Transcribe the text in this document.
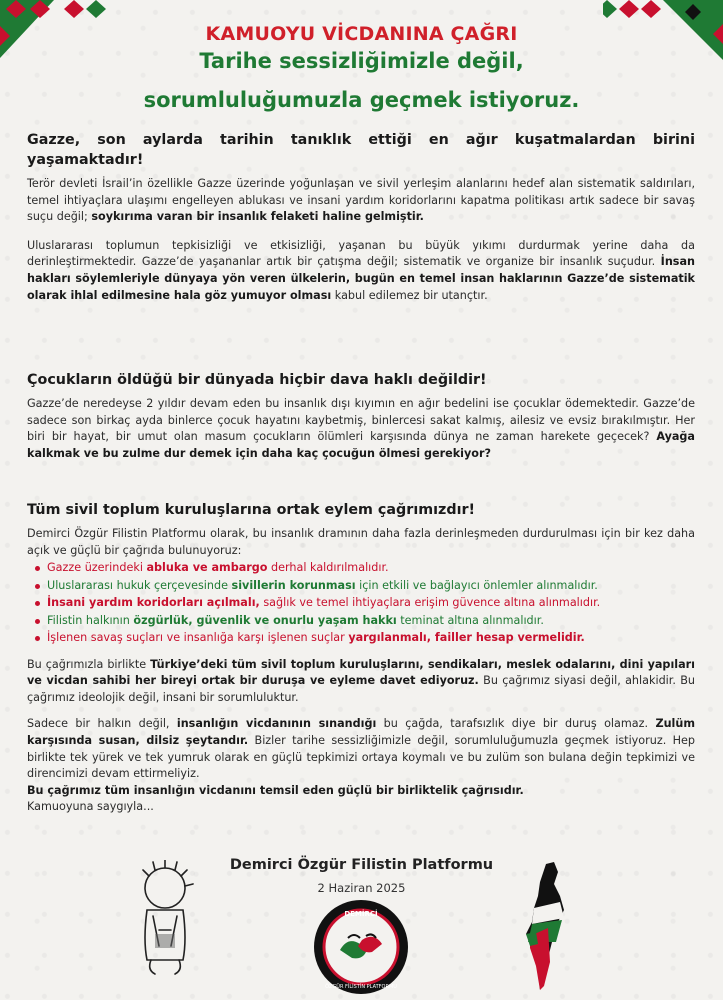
KAMUOYU VİCDANINA ÇAĞRI
Tarihe sessizliğimizle değil,
sorumluluğumuzla geçmek istiyoruz.

Gazze, son aylarda tarihin tanıklık ettiği en ağır kuşatmalardan birini yaşamaktadır!

Terör devleti İsrail’in özellikle Gazze üzerinde yoğunlaşan ve sivil yerleşim alanlarını hedef alan sistematik saldırıları, temel ihtiyaçlara ulaşımı engelleyen ablukası ve insani yardım koridorlarını kapatma politikası artık sadece bir savaş suçu değil; soykırıma varan bir insanlık felaketi haline gelmiştir.

Uluslararası toplumun tepkisizliği ve etkisizliği, yaşanan bu büyük yıkımı durdurmak yerine daha da derinleştirmektedir. Gazze’de yaşananlar artık bir çatışma değil; sistematik ve organize bir insanlık suçudur. İnsan hakları söylemleriyle dünyaya yön veren ülkelerin, bugün en temel insan haklarının Gazze’de sistematik olarak ihlal edilmesine hala göz yumuyor olması kabul edilemez bir utançtır.

Çocukların öldüğü bir dünyada hiçbir dava haklı değildir!

Gazze’de neredeyse 2 yıldır devam eden bu insanlık dışı kıyımın en ağır bedelini ise çocuklar ödemektedir. Gazze’de sadece son birkaç ayda binlerce çocuk hayatını kaybetmiş, binlercesi sakat kalmış, ailesiz ve evsiz bırakılmıştır. Her biri bir hayat, bir umut olan masum çocukların ölümleri karşısında dünya ne zaman harekete geçecek? Ayağa kalkmak ve bu zulme dur demek için daha kaç çocuğun ölmesi gerekiyor?

Tüm sivil toplum kuruluşlarına ortak eylem çağrımızdır!

Demirci Özgür Filistin Platformu olarak, bu insanlık dramının daha fazla derinleşmeden durdurulması için bir kez daha açık ve güçlü bir çağrıda bulunuyoruz:

Gazze üzerindeki abluka ve ambargo derhal kaldırılmalıdır.
Uluslararası hukuk çerçevesinde sivillerin korunması için etkili ve bağlayıcı önlemler alınmalıdır.
İnsani yardım koridorları açılmalı, sağlık ve temel ihtiyaçlara erişim güvence altına alınmalıdır.
Filistin halkının özgürlük, güvenlik ve onurlu yaşam hakkı teminat altına alınmalıdır.
İşlenen savaş suçları ve insanlığa karşı işlenen suçlar yargılanmalı, failler hesap vermelidir.

Bu çağrımızla birlikte Türkiye’deki tüm sivil toplum kuruluşlarını, sendikaları, meslek odalarını, dini yapıları ve vicdan sahibi her bireyi ortak bir duruşa ve eyleme davet ediyoruz. Bu çağrımız siyasi değil, ahlakidir. Bu çağrımız ideolojik değil, insani bir sorumluluktur.

Sadece bir halkın değil, insanlığın vicdanının sınandığı bu çağda, tarafsızlık diye bir duruş olamaz. Zulüm karşısında susan, dilsiz şeytandır. Bizler tarihe sessizliğimizle değil, sorumluluğumuzla geçmek istiyoruz. Hep birlikte tek yürek ve tek yumruk olarak en güçlü tepkimizi ortaya koymalı ve bu zulüm son bulana değin tepkimizi ve direncimizi devam ettirmeliyiz.

Bu çağrımız tüm insanlığın vicdanını temsil eden güçlü bir birliktelik çağrısıdır.

Kamuoyuna saygıyla...

Demirci Özgür Filistin Platformu
2 Haziran 2025
DEMİRCİ
ÖZGÜR FİLİSTİN PLATFORMU
